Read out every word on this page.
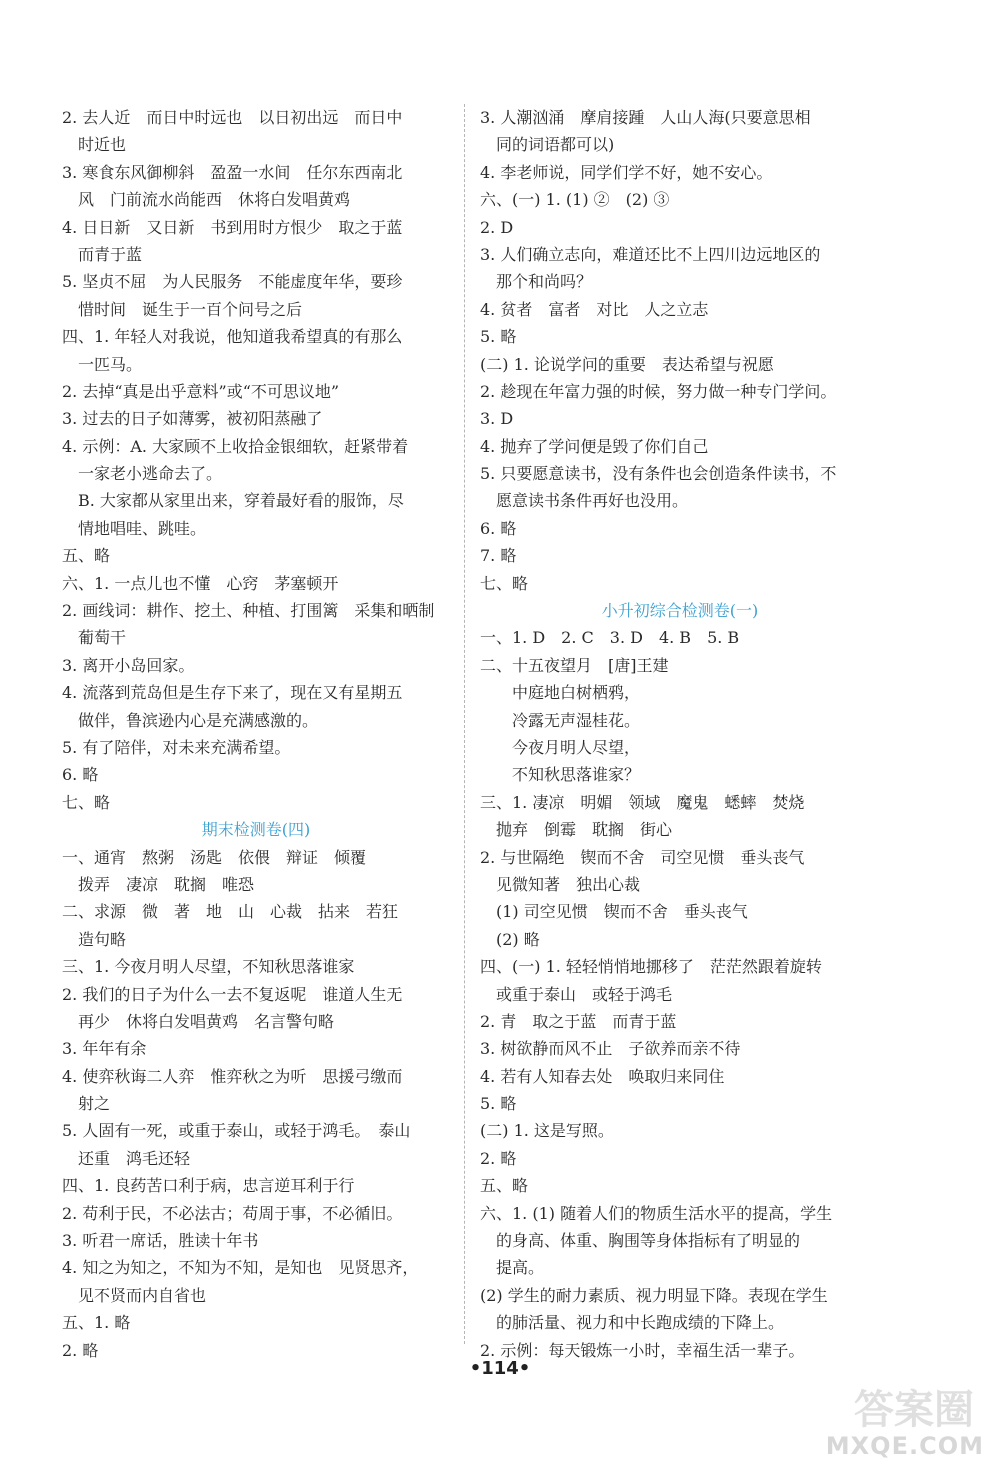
2. 去人近　而日中时远也　以日初出远　而日中
　时近也
3. 寒食东风御柳斜　盈盈一水间　任尔东西南北
　风　门前流水尚能西　休将白发唱黄鸡
4. 日日新　又日新　书到用时方恨少　取之于蓝
　而青于蓝
5. 坚贞不屈　为人民服务　不能虚度年华，要珍
　惜时间　诞生于一百个问号之后
四、1. 年轻人对我说，他知道我希望真的有那么
　一匹马。
2. 去掉“真是出乎意料”或“不可思议地”
3. 过去的日子如薄雾，被初阳蒸融了
4. 示例：A. 大家顾不上收拾金银细软，赶紧带着
　一家老小逃命去了。
　B. 大家都从家里出来，穿着最好看的服饰，尽
　情地唱哇、跳哇。
五、略
六、1. 一点儿也不懂　心窍　茅塞顿开
2. 画线词：耕作、挖土、种植、打围篱　采集和晒制
　葡萄干
3. 离开小岛回家。
4. 流落到荒岛但是生存下来了，现在又有星期五
　做伴，鲁滨逊内心是充满感激的。
5. 有了陪伴，对未来充满希望。
6. 略
七、略
期末检测卷(四)
一、通宵　熬粥　汤匙　依偎　辩证　倾覆
　拨弄　凄凉　耽搁　唯恐
二、求源　微　著　地　山　心裁　拈来　若狂
　造句略
三、1. 今夜月明人尽望，不知秋思落谁家
2. 我们的日子为什么一去不复返呢　谁道人生无
　再少　休将白发唱黄鸡　名言警句略
3. 年年有余
4. 使弈秋诲二人弈　惟弈秋之为听　思援弓缴而
　射之
5. 人固有一死，或重于泰山，或轻于鸿毛。　泰山
　还重　鸿毛还轻
四、1. 良药苦口利于病，忠言逆耳利于行
2. 苟利于民，不必法古；苟周于事，不必循旧。
3. 听君一席话，胜读十年书
4. 知之为知之，不知为不知，是知也　见贤思齐，
　见不贤而内自省也
五、1. 略
2. 略
3. 人潮汹涌　摩肩接踵　人山人海(只要意思相
　同的词语都可以)
4. 李老师说，同学们学不好，她不安心。
六、(一) 1. (1) ②　(2) ③
2. D
3. 人们确立志向，难道还比不上四川边远地区的
　那个和尚吗？
4. 贫者　富者　对比　人之立志
5. 略
(二) 1. 论说学问的重要　表达希望与祝愿
2. 趁现在年富力强的时候，努力做一种专门学问。
3. D
4. 抛弃了学问便是毁了你们自己
5. 只要愿意读书，没有条件也会创造条件读书，不
　愿意读书条件再好也没用。
6. 略
7. 略
七、略
小升初综合检测卷(一)
一、1. D　2. C　3. D　4. B　5. B
二、十五夜望月　[唐]王建
　　中庭地白树栖鸦，
　　冷露无声湿桂花。
　　今夜月明人尽望，
　　不知秋思落谁家？
三、1. 凄凉　明媚　领域　魔鬼　蟋蟀　焚烧
　抛弃　倒霉　耽搁　街心
2. 与世隔绝　锲而不舍　司空见惯　垂头丧气
　见微知著　独出心裁
　(1) 司空见惯　锲而不舍　垂头丧气
　(2) 略
四、(一) 1. 轻轻悄悄地挪移了　茫茫然跟着旋转
　或重于泰山　或轻于鸿毛
2. 青　取之于蓝　而青于蓝
3. 树欲静而风不止　子欲养而亲不待
4. 若有人知春去处　唤取归来同住
5. 略
(二) 1. 这是写照。
2. 略
五、略
六、1. (1) 随着人们的物质生活水平的提高，学生
　的身高、体重、胸围等身体指标有了明显的
　提高。
(2) 学生的耐力素质、视力明显下降。表现在学生
　的肺活量、视力和中长跑成绩的下降上。
2. 示例：每天锻炼一小时，幸福生活一辈子。
•114•
答案圈
MXQE.COM
